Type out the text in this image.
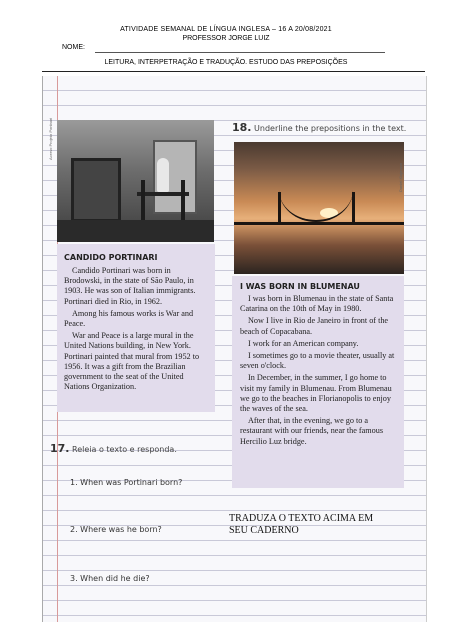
ATIVIDADE SEMANAL DE LÍNGUA INGLESA – 16 A 20/08/2021
PROFESSOR JORGE LUIZ
NOME:
LEITURA, INTERPETRAÇÃO E TRADUÇÃO. ESTUDO DAS PREPOSIÇÕES
Acervo Projeto Portinari
CANDIDO PORTINARI

Candido Portinari was born in Brodowski, in the state of São Paulo, in 1903. He was son of Italian immigrants. Portinari died in Rio, in 1962.

Among his famous works is War and Peace.

War and Peace is a large mural in the United Nations building, in New York. Portinari painted that mural from 1952 to 1956. It was a gift from the Brazilian government to the seat of the United Nations Organization.

18. Underline the prepositions in the text.
Daniel Klajmann
I WAS BORN IN BLUMENAU

I was born in Blumenau in the state of Santa Catarina on the 10th of May in 1980.

Now I live in Rio de Janeiro in front of the beach of Copacabana.

I work for an American company.

I sometimes go to a movie theater, usually at seven o'clock.

In December, in the summer, I go home to visit my family in Blumenau. From Blumenau we go to the beaches in Florianopolis to enjoy the waves of the sea.

After that, in the evening, we go to a restaurant with our friends, near the famous Hercilio Luz bridge.

17. Releia o texto e responda.
1. When was Portinari born?
2. Where was he born?
3. When did he die?
TRADUZA O TEXTO ACIMA EM
SEU CADERNO
